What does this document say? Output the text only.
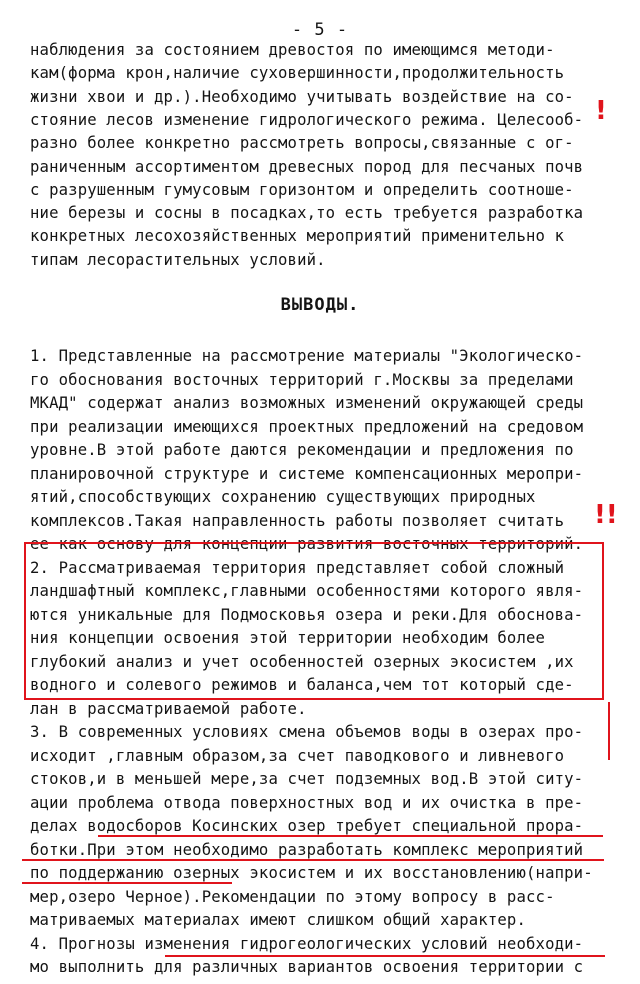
- 5 -
наблюдения за состоянием древостоя по имеющимся методи-
кам(форма крон,наличие суховершинности,продолжительность
жизни хвои и др.).Необходимо учитывать воздействие на со-
стояние лесов изменение гидрологического режима. Целесооб-
разно более конкретно рассмотреть вопросы,связанные с ог-
раниченным ассортиментом древесных пород для песчаных почв
с разрушенным гумусовым горизонтом и определить соотноше-
ние березы и сосны в посадках,то есть требуется разработка
конкретных лесохозяйственных мероприятий применительно к
типам лесорастительных условий.
ВЫВОДЫ.
1. Представленные на рассмотрение материалы "Экологическо-
го обоснования восточных территорий г.Москвы за пределами
МКАД" содержат анализ возможных изменений окружающей среды
при реализации имеющихся проектных предложений на средовом
уровне.В этой работе даются рекомендации и предложения по
планировочной структуре и системе компенсационных меропри-
ятий,способствующих сохранению существующих природных
комплексов.Такая направленность работы позволяет считать
ее как основу для концепции развития восточных территорий.
2. Рассматриваемая территория представляет собой сложный
ландшафтный комплекс,главными особенностями которого явля-
ются уникальные для Подмосковья озера и реки.Для обоснова-
ния концепции освоения этой территории необходим более
глубокий анализ и учет особенностей озерных экосистем ,их
водного и солевого режимов и баланса,чем тот который сде-
лан в рассматриваемой работе.
3. В современных условиях смена объемов воды в озерах про-
исходит ,главным образом,за счет паводкового и ливневого
стоков,и в меньшей мере,за счет подземных вод.В этой ситу-
ации проблема отвода поверхностных вод и их очистка в пре-
делах водосборов Косинских озер требует специальной прора-
ботки.При этом необходимо разработать комплекс мероприятий
по поддержанию озерных экосистем и их восстановлению(напри-
мер,озеро Черное).Рекомендации по этому вопросу в расс-
матриваемых материалах имеют слишком общий характер.
4. Прогнозы изменения гидрогеологических условий необходи-
мо выполнить для различных вариантов освоения территории с
!
!!
